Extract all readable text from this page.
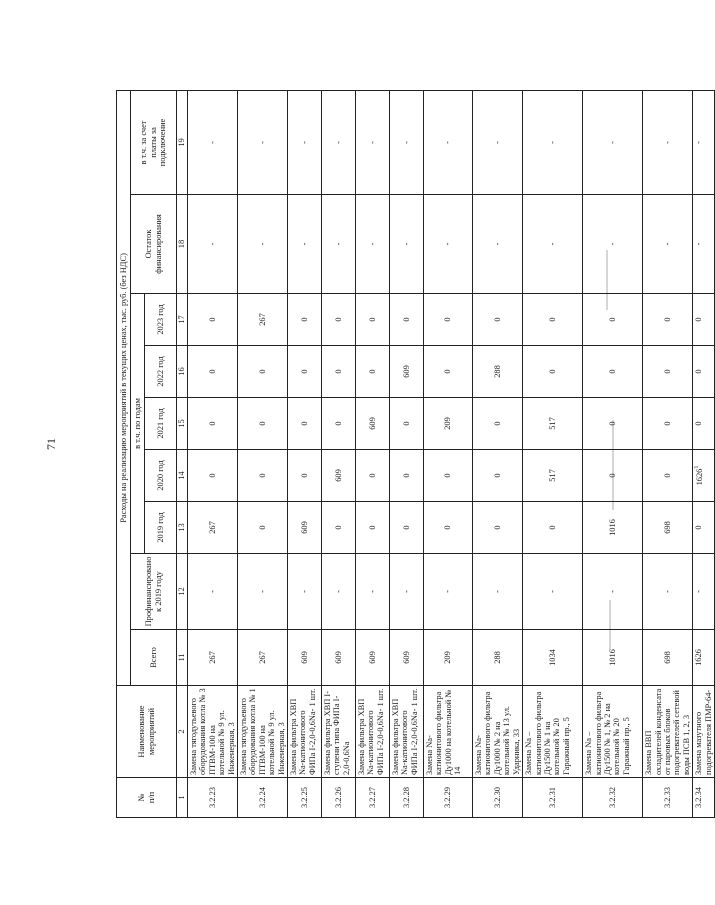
71
№
п/п	Наименование
мероприятий	Расходы на реализацию мероприятий в текущих ценах, тыс. руб. (без НДС)								
		Всего	Профинансировано
к 2019 году	в т.ч. по годам					Остаток
финансирования	в т.ч. за счет
платы за
подключение
				2019 год	2020 год	2021 год	2022 год	2023 год		
1	2	11	12	13	14	15	16	17	18	19
3.2.23	Замена тягодутьевого оборудования котла № 3 ПТВМ-100 на котельной № 9 ул. Инженерная, 3	267	-	267	0	0	0	0	-	-
3.2.24	Замена тягодутьевого оборудования котла № 1 ПТВМ-100 на котельной № 9 ул. Инженерная, 3	267	-	0	0	0	0	267	-	-
3.2.25	Замена фильтра ХВП Na-катионитового ФИПа I-2,0-0,6Na- 1 шт.	609	-	609	0	0	0	0	-	-
3.2.26	Замена фильтра ХВП I-ступени типа ФИПа I-2,0-0,6Na	609	-	0	609	0	0	0	-	-
3.2.27	Замена фильтра ХВП Na-катионитового ФИПа I-2,0-0,6Na- 1 шт.	609	-	0	0	609	0	0	-	-
3.2.28	Замена фильтра ХВП Na-катионитового ФИПа I-2,0-0,6Na- 1 шт.	609	-	0	0	0	609	0	-	-
3.2.29	Замена Na-катионитового фильтра Ду1000 на котельной № 14	209	-	0	0	209	0	0	-	-
3.2.30	Замена Na-катионитового фильтра Ду1000 № 2 на котельной № 13 ул. Ударника, 33	288	-	0	0	0	288	0	-	-
3.2.31	Замена Na – катионитового фильтра Ду1500 № 1 на котельной № 20 Гаражный пр., 5	1034	-	0	517	517	0	0	-	-
3.2.32	Замена Na – катионитового фильтра Ду1500 № 1, № 2 на котельной № 20 Гаражный пр., 5	1016	-	1016	0	0	0	0	-	-
3.2.33	Замена ВВП охладителей конденсата от паровых блоков подогревателей сетевой воды ПСВ 1, 2, 3	698	-	698	0	0	0	0	-	-
3.2.34	Замена мазутного подогревателя ПМР-64-	1626	-	0	1626$^1$	0	0	0	-	-
